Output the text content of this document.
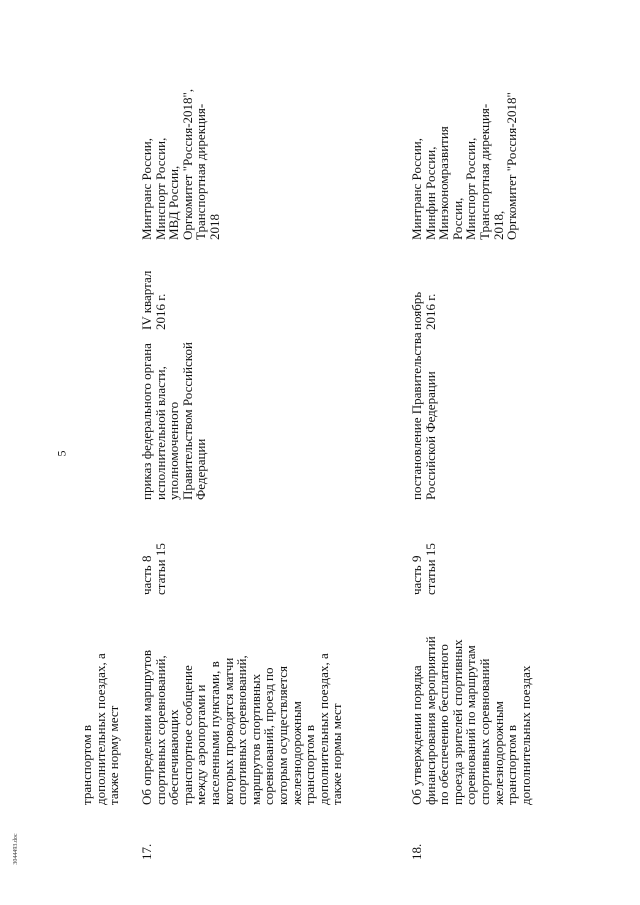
5
3044493.doc
транспортом в
дополнительных поездах, а
также норму мест
17.
Об определении маршрутов
спортивных соревнований,
обеспечивающих
транспортное сообщение
между аэропортами и
населенными пунктами, в
которых проводятся матчи
спортивных соревнований,
маршрутов спортивных
соревнований, проезд по
которым осуществляется
железнодорожным
транспортом в
дополнительных поездах, а
также нормы мест
часть 8
статьи 15
приказ федерального органа
исполнительной власти,
уполномоченного
Правительством Российской
Федерации
IV квартал
2016 г.
Минтранс России,
Минспорт России,
МВД России,
Оргкомитет "Россия-2018",
Транспортная дирекция-
2018
18.
Об утверждении порядка
финансирования мероприятий
по обеспечению бесплатного
проезда зрителей спортивных
соревнований по маршрутам
спортивных соревнований
железнодорожным
транспортом в
дополнительных поездах
часть 9
статьи 15
постановление Правительства
Российской Федерации
ноябрь
2016 г.
Минтранс России,
Минфин России,
Минэкономразвития
России,
Минспорт России,
Транспортная дирекция-
2018,
Оргкомитет "Россия-2018"
